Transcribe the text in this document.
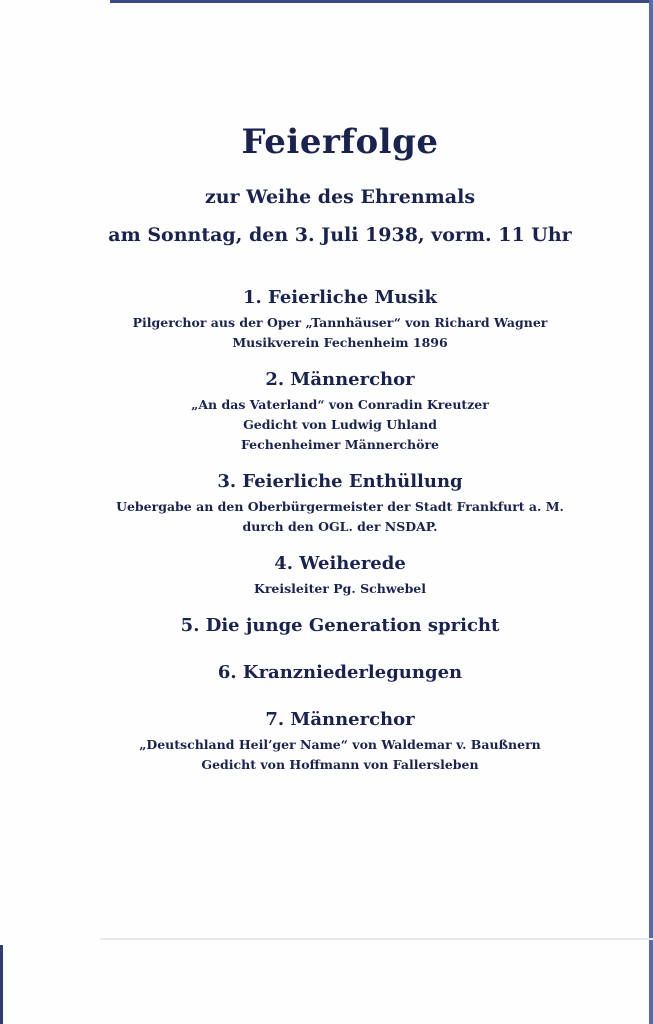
Feierfolge

zur Weihe des Ehrenmals

am Sonntag, den 3. Juli 1938, vorm. 11 Uhr

1. Feierliche Musik

Pilgerchor aus der Oper „Tannhäuser“ von Richard Wagner

Musikverein Fechenheim 1896

2. Männerchor

„An das Vaterland“ von Conradin Kreutzer

Gedicht von Ludwig Uhland

Fechenheimer Männerchöre

3. Feierliche Enthüllung

Uebergabe an den Oberbürgermeister der Stadt Frankfurt a. M.

durch den OGL. der NSDAP.

4. Weiherede

Kreisleiter Pg. Schwebel

5. Die junge Generation spricht

6. Kranzniederlegungen

7. Männerchor

„Deutschland Heil’ger Name“ von Waldemar v. Baußnern

Gedicht von Hoffmann von Fallersleben
